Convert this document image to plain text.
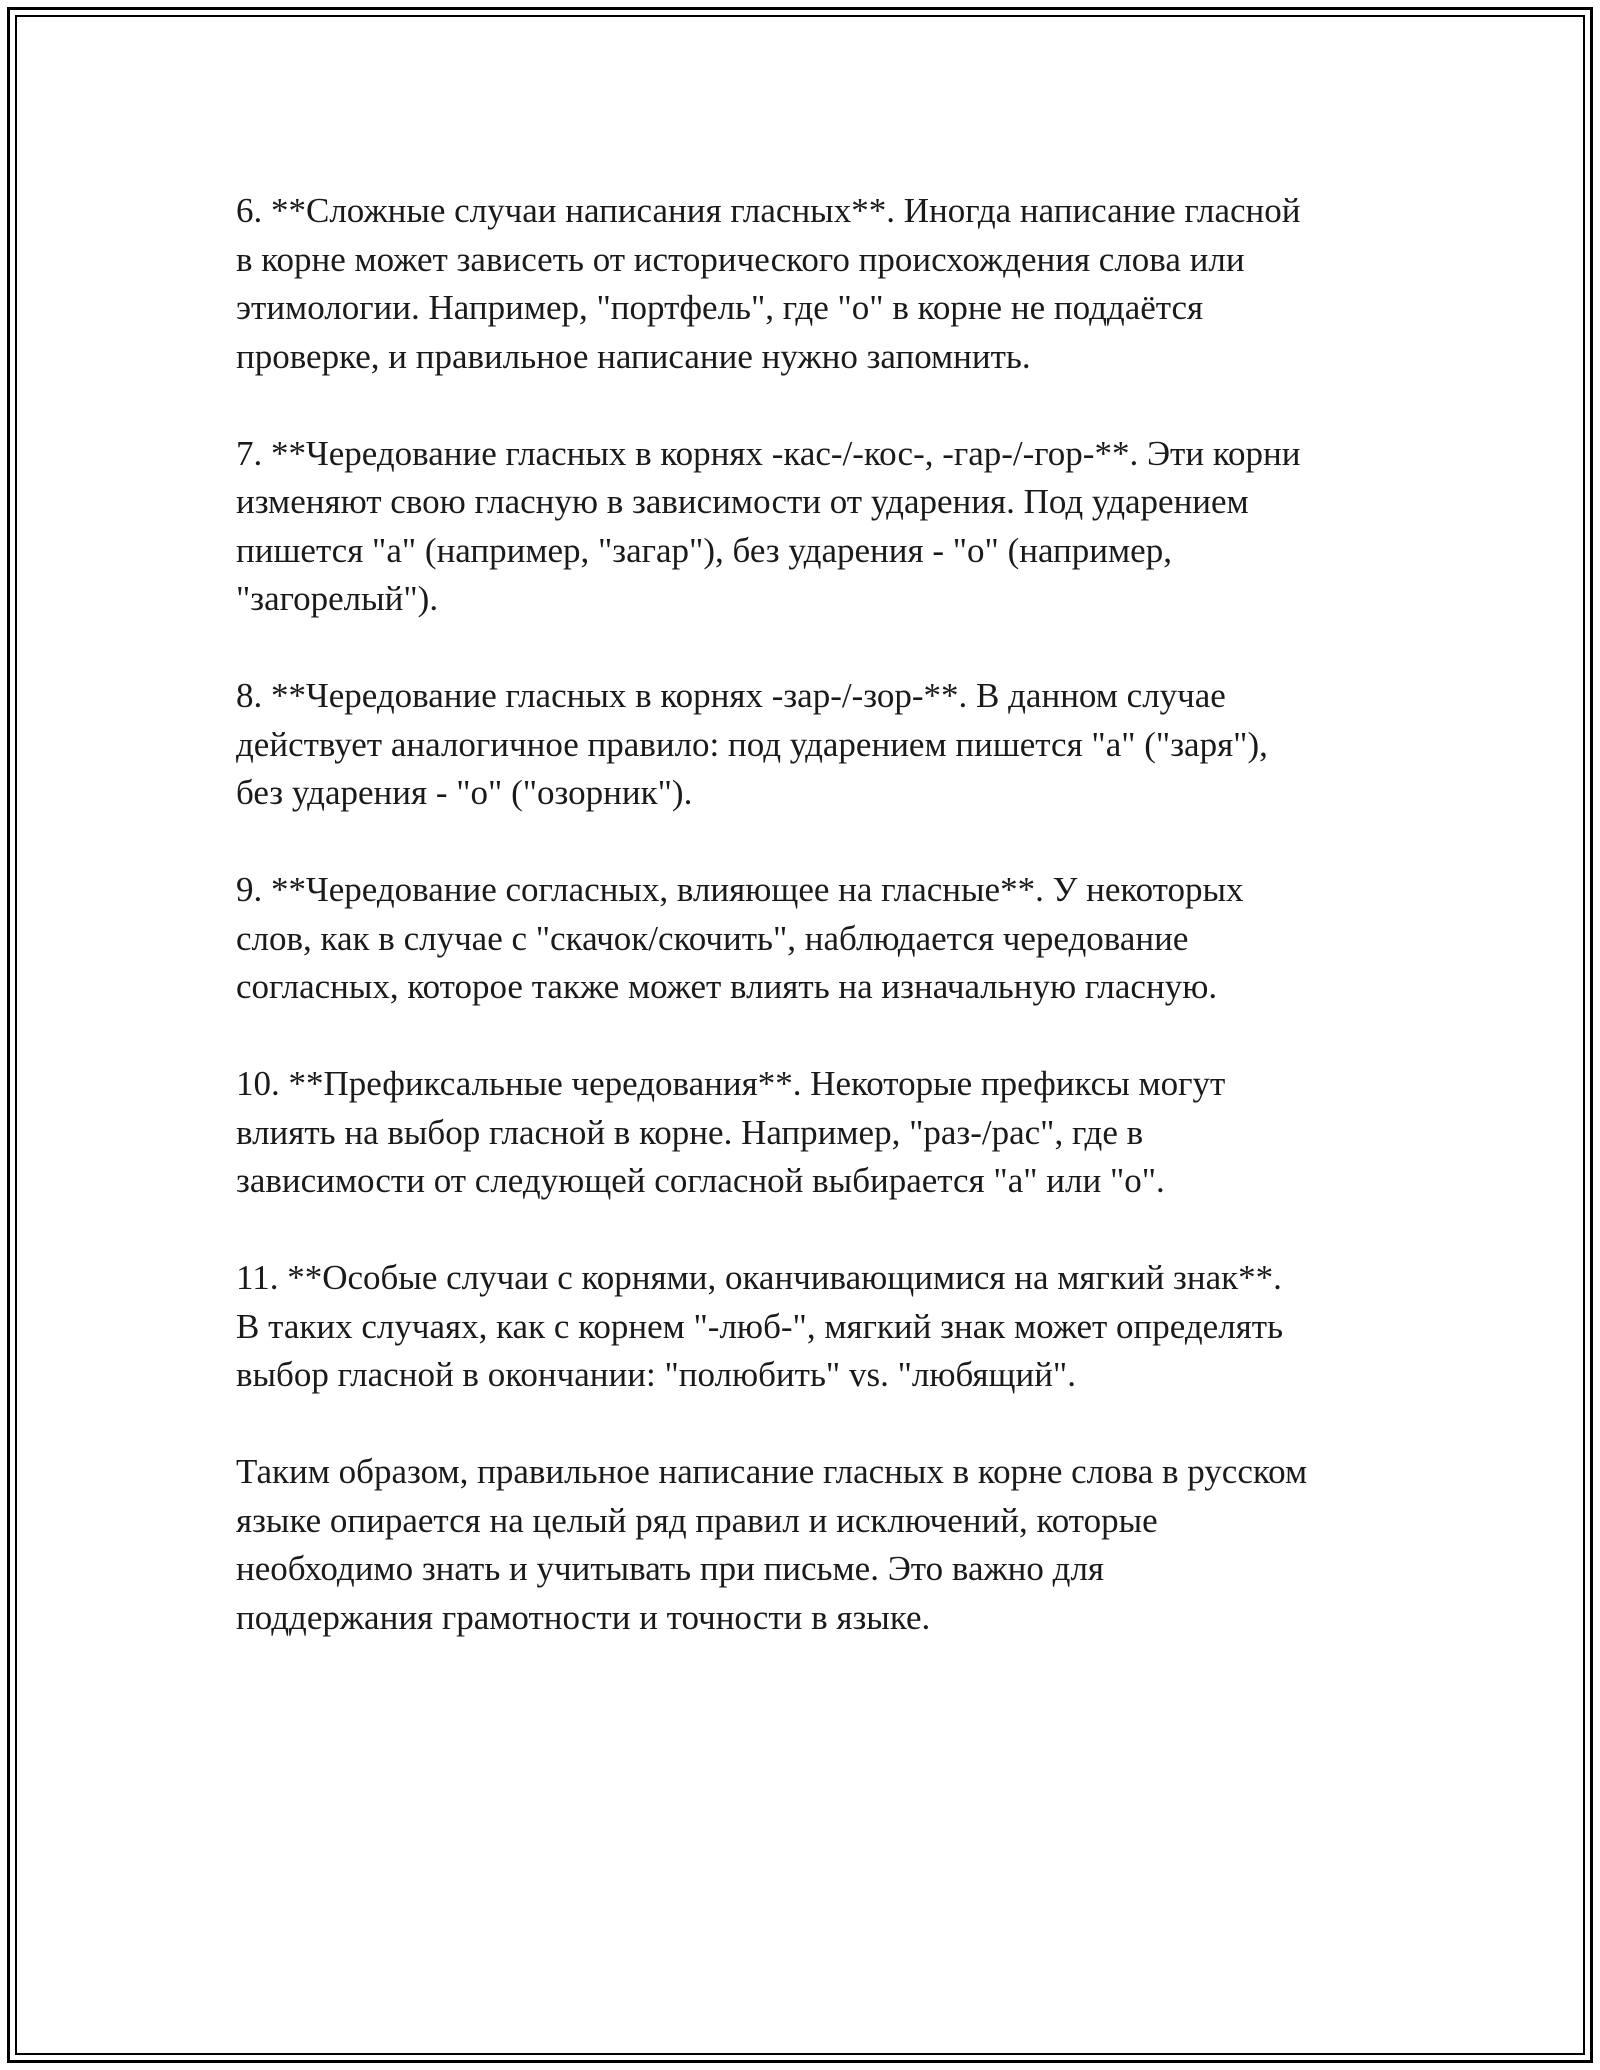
6. **Сложные случаи написания гласных**. Иногда написание гласной
в корне может зависеть от исторического происхождения слова или
этимологии. Например, "портфель", где "о" в корне не поддаётся
проверке, и правильное написание нужно запомнить.

7. **Чередование гласных в корнях -кас-/-кос-, -гар-/-гор-**. Эти корни
изменяют свою гласную в зависимости от ударения. Под ударением
пишется "а" (например, "загар"), без ударения - "о" (например,
"загорелый").

8. **Чередование гласных в корнях -зар-/-зор-**. В данном случае
действует аналогичное правило: под ударением пишется "а" ("заря"),
без ударения - "о" ("озорник").

9. **Чередование согласных, влияющее на гласные**. У некоторых
слов, как в случае с "скачок/скочить", наблюдается чередование
согласных, которое также может влиять на изначальную гласную.

10. **Префиксальные чередования**. Некоторые префиксы могут
влиять на выбор гласной в корне. Например, "раз-/рас", где в
зависимости от следующей согласной выбирается "а" или "о".

11. **Особые случаи с корнями, оканчивающимися на мягкий знак**.
В таких случаях, как с корнем "-люб-", мягкий знак может определять
выбор гласной в окончании: "полюбить" vs. "любящий".

Таким образом, правильное написание гласных в корне слова в русском
языке опирается на целый ряд правил и исключений, которые
необходимо знать и учитывать при письме. Это важно для
поддержания грамотности и точности в языке.
